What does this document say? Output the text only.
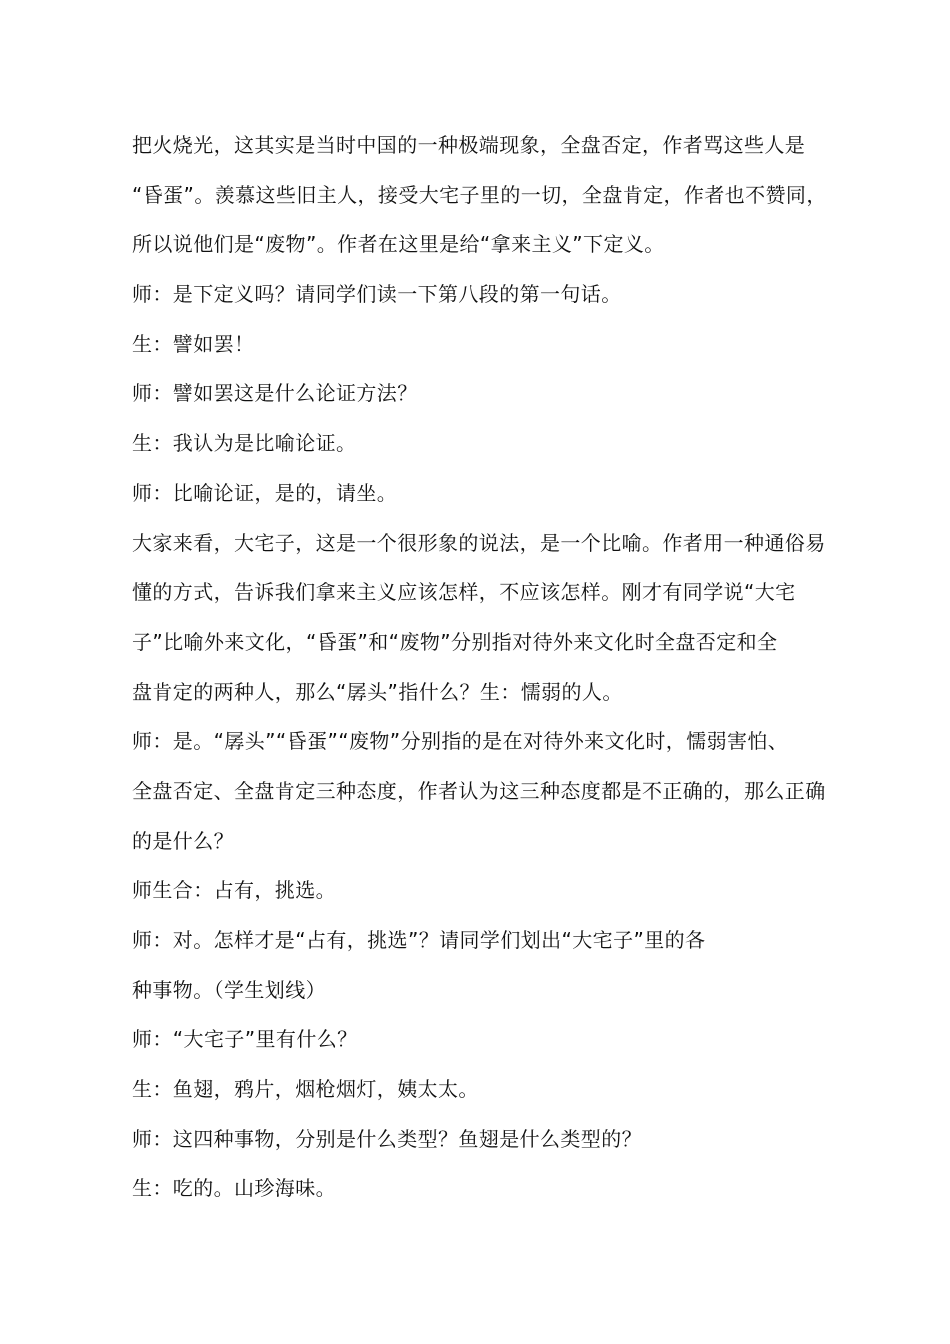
把火烧光，这其实是当时中国的一种极端现象，全盘否定，作者骂这些人是
“昏蛋”。羡慕这些旧主人，接受大宅子里的一切，全盘肯定，作者也不赞同，
所以说他们是“废物”。作者在这里是给“拿来主义”下定义。
师：是下定义吗？请同学们读一下第八段的第一句话。
生：譬如罢！
师：譬如罢这是什么论证方法？
生：我认为是比喻论证。
师：比喻论证，是的，请坐。
大家来看，大宅子，这是一个很形象的说法，是一个比喻。作者用一种通俗易
懂的方式，告诉我们拿来主义应该怎样，不应该怎样。刚才有同学说“大宅
子”比喻外来文化，“昏蛋”和“废物”分别指对待外来文化时全盘否定和全
盘肯定的两种人，那么“孱头”指什么？生：懦弱的人。
师：是。“孱头”“昏蛋”“废物”分别指的是在对待外来文化时，懦弱害怕、
全盘否定、全盘肯定三种态度，作者认为这三种态度都是不正确的，那么正确
的是什么？
师生合：占有，挑选。
师：对。怎样才是“占有，挑选”？请同学们划出“大宅子”里的各
种事物。（学生划线）
师：“大宅子”里有什么？
生：鱼翅，鸦片，烟枪烟灯，姨太太。
师：这四种事物，分别是什么类型？鱼翅是什么类型的？
生：吃的。山珍海味。
